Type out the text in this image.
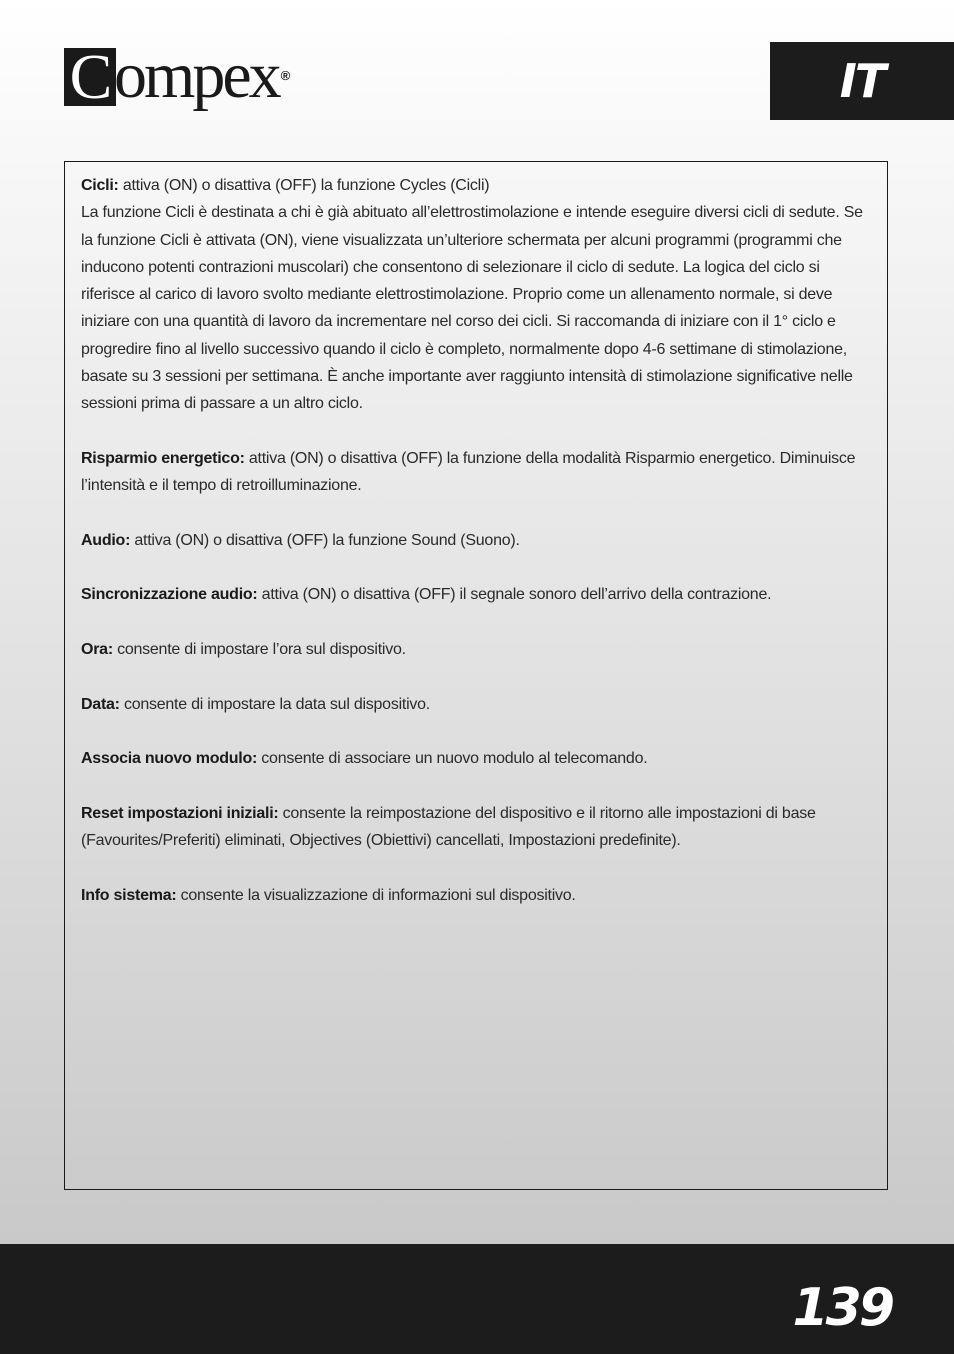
C ompex ®	IT

Cicli: attiva (ON) o disattiva (OFF) la funzione Cycles (Cicli)
La funzione Cicli è destinata a chi è già abituato all’elettrostimolazione e intende eseguire diversi cicli di sedute. Se la funzione Cicli è attivata (ON), viene visualizzata un’ulteriore schermata per alcuni programmi (programmi che inducono potenti contrazioni muscolari) che consentono di selezionare il ciclo di sedute. La logica del ciclo si riferisce al carico di lavoro svolto mediante elettrostimolazione. Proprio come un allenamento normale, si deve iniziare con una quantità di lavoro da incrementare nel corso dei cicli. Si raccomanda di iniziare con il 1° ciclo e progredire fino al livello successivo quando il ciclo è completo, normalmente dopo 4-6 settimane di stimolazione, basate su 3 sessioni per settimana. È anche importante aver raggiunto intensità di stimolazione significative nelle sessioni prima di passare a un altro ciclo.

Risparmio energetico: attiva (ON) o disattiva (OFF) la funzione della modalità Risparmio energetico. Diminuisce l’intensità e il tempo di retroilluminazione.

Audio: attiva (ON) o disattiva (OFF) la funzione Sound (Suono).

Sincronizzazione audio: attiva (ON) o disattiva (OFF) il segnale sonoro dell’arrivo della contrazione.

Ora: consente di impostare l’ora sul dispositivo.

Data: consente di impostare la data sul dispositivo.

Associa nuovo modulo: consente di associare un nuovo modulo al telecomando.

Reset impostazioni iniziali: consente la reimpostazione del dispositivo e il ritorno alle impostazioni di base (Favourites/Preferiti) eliminati, Objectives (Obiettivi) cancellati, Impostazioni predefinite).

Info sistema: consente la visualizzazione di informazioni sul dispositivo.

139
